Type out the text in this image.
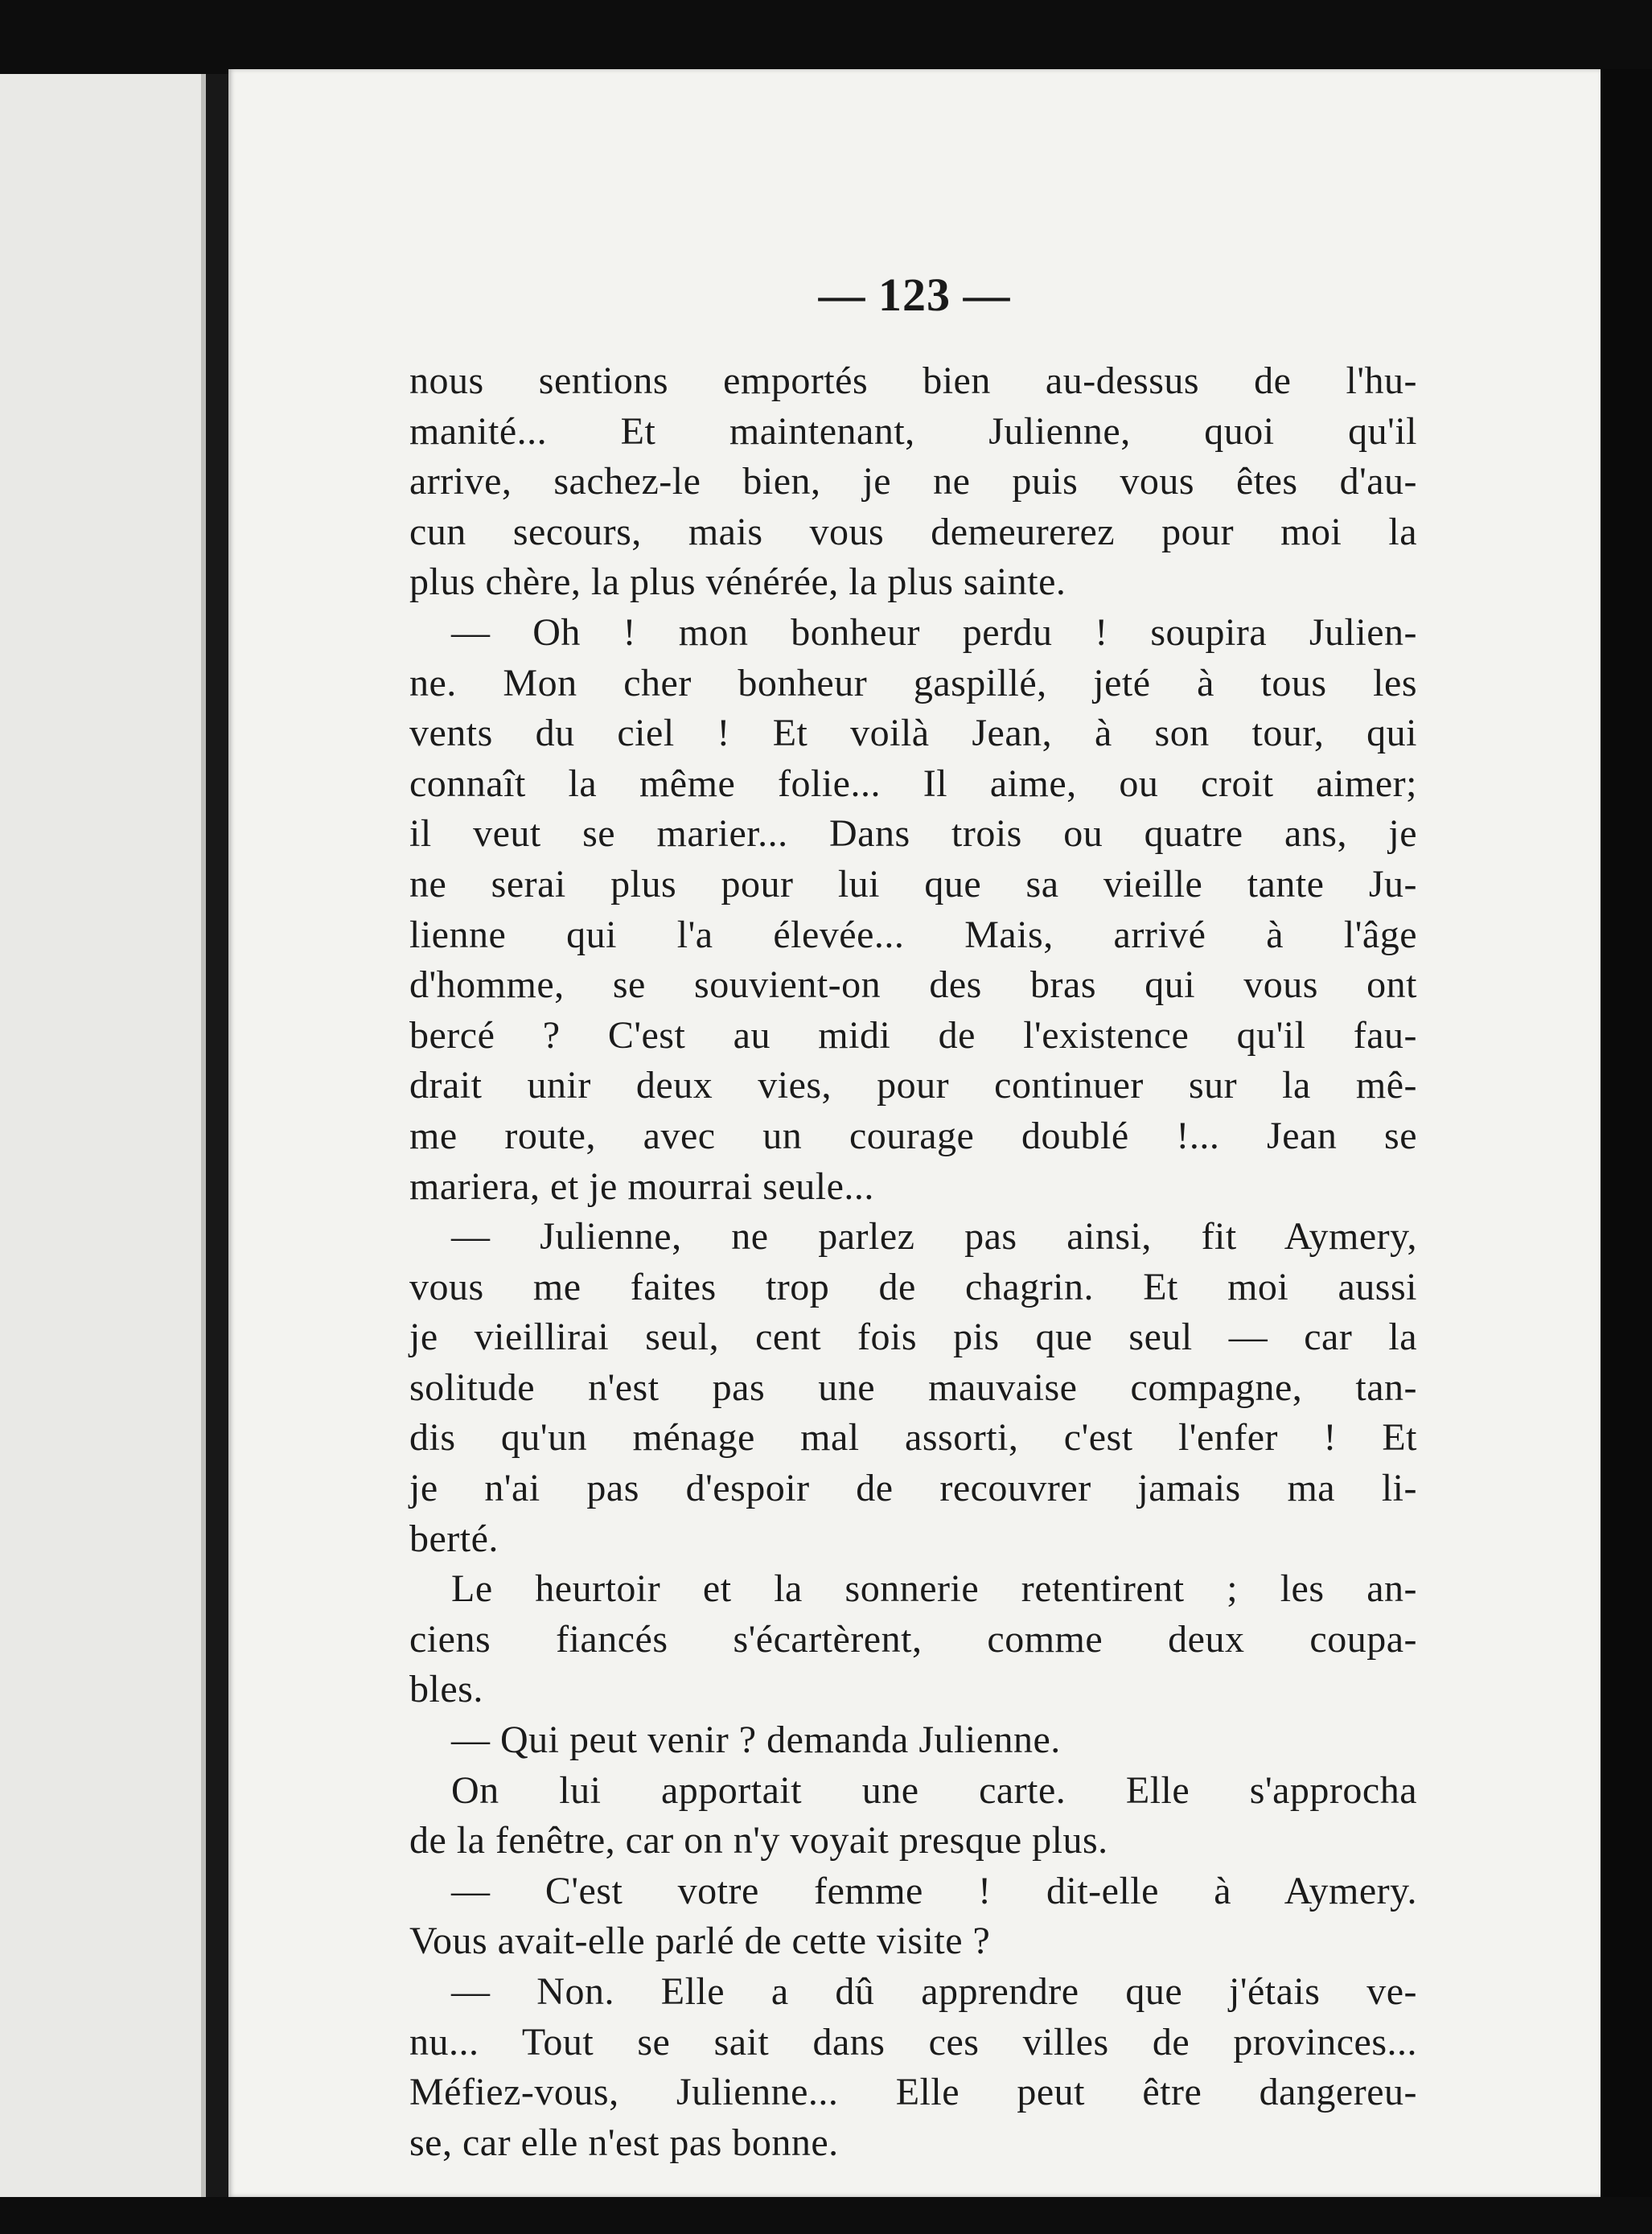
— 123 —
nous sentions emportés bien au-dessus de l'hu-
manité... Et maintenant, Julienne, quoi qu'il
arrive, sachez-le bien, je ne puis vous êtes d'au-
cun secours, mais vous demeurerez pour moi la
plus chère, la plus vénérée, la plus sainte.
— Oh ! mon bonheur perdu ! soupira Julien-
ne. Mon cher bonheur gaspillé, jeté à tous les
vents du ciel ! Et voilà Jean, à son tour, qui
connaît la même folie... Il aime, ou croit aimer;
il veut se marier... Dans trois ou quatre ans, je
ne serai plus pour lui que sa vieille tante Ju-
lienne qui l'a élevée... Mais, arrivé à l'âge
d'homme, se souvient-on des bras qui vous ont
bercé ? C'est au midi de l'existence qu'il fau-
drait unir deux vies, pour continuer sur la mê-
me route, avec un courage doublé !... Jean se
mariera, et je mourrai seule...
— Julienne, ne parlez pas ainsi, fit Aymery,
vous me faites trop de chagrin. Et moi aussi
je vieillirai seul, cent fois pis que seul — car la
solitude n'est pas une mauvaise compagne, tan-
dis qu'un ménage mal assorti, c'est l'enfer ! Et
je n'ai pas d'espoir de recouvrer jamais ma li-
berté.
Le heurtoir et la sonnerie retentirent ; les an-
ciens fiancés s'écartèrent, comme deux coupa-
bles.
— Qui peut venir ? demanda Julienne.
On lui apportait une carte. Elle s'approcha
de la fenêtre, car on n'y voyait presque plus.
— C'est votre femme ! dit-elle à Aymery.
Vous avait-elle parlé de cette visite ?
— Non. Elle a dû apprendre que j'étais ve-
nu... Tout se sait dans ces villes de provinces...
Méfiez-vous, Julienne... Elle peut être dangereu-
se, car elle n'est pas bonne.
